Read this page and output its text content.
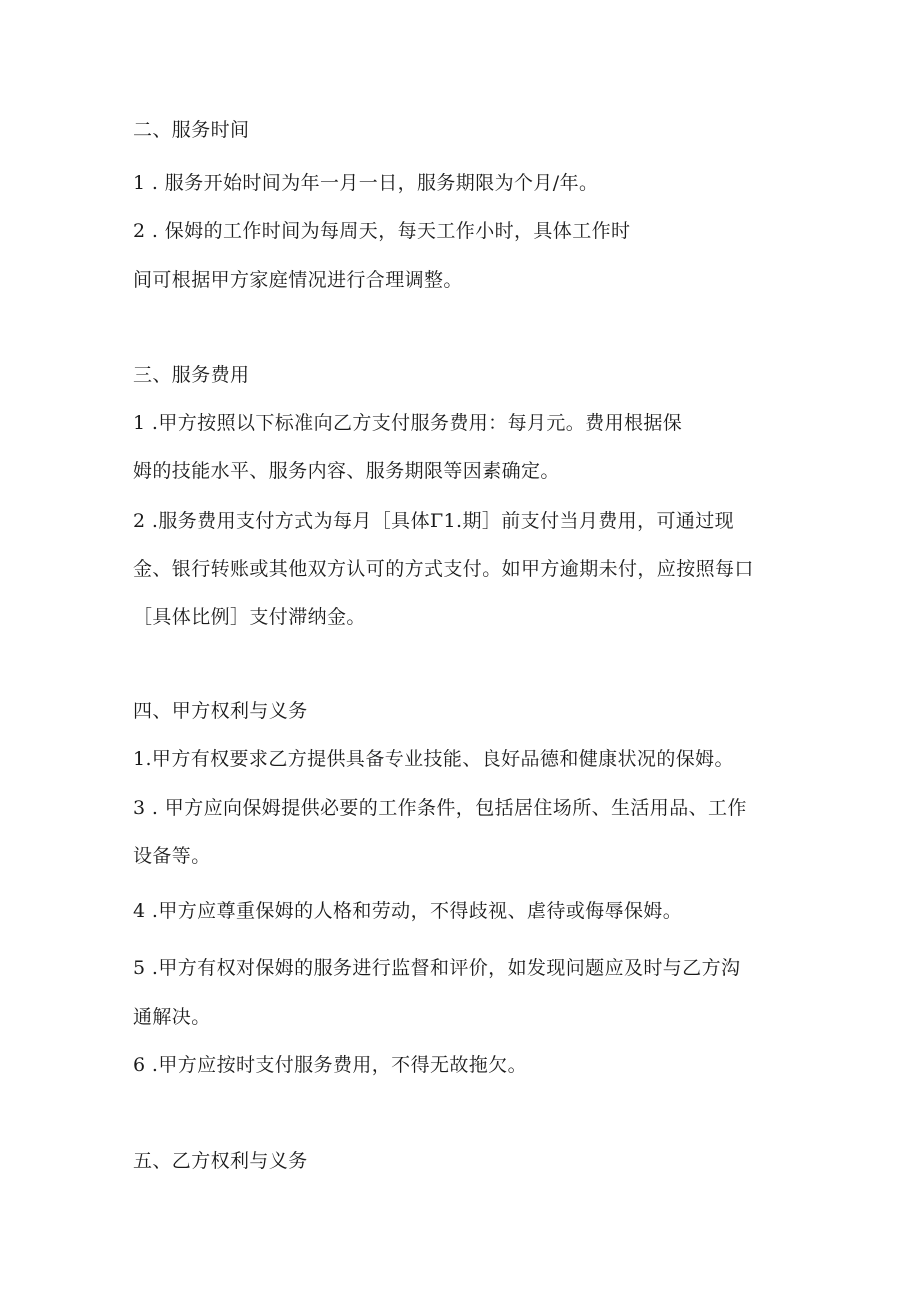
二、服务时间
1 . 服务开始时间为年一月一日，服务期限为个月/年。
2 . 保姆的工作时间为每周天，每天工作小时，具体工作时
间可根据甲方家庭情况进行合理调整。
三、服务费用
1 .甲方按照以下标准向乙方支付服务费用：每月元。费用根据保
姆的技能水平、服务内容、服务期限等因素确定。
2 .服务费用支付方式为每月［具体Γ1.期］前支付当月费用，可通过现
金、银行转账或其他双方认可的方式支付。如甲方逾期未付，应按照每口
［具体比例］支付滞纳金。
四、甲方权利与义务
1.甲方有权要求乙方提供具备专业技能、良好品德和健康状况的保姆。
3 . 甲方应向保姆提供必要的工作条件，包括居住场所、生活用品、工作
设备等。
4 .甲方应尊重保姆的人格和劳动，不得歧视、虐待或侮辱保姆。
5 .甲方有权对保姆的服务进行监督和评价，如发现问题应及时与乙方沟
通解决。
6 .甲方应按时支付服务费用，不得无故拖欠。
五、乙方权利与义务
